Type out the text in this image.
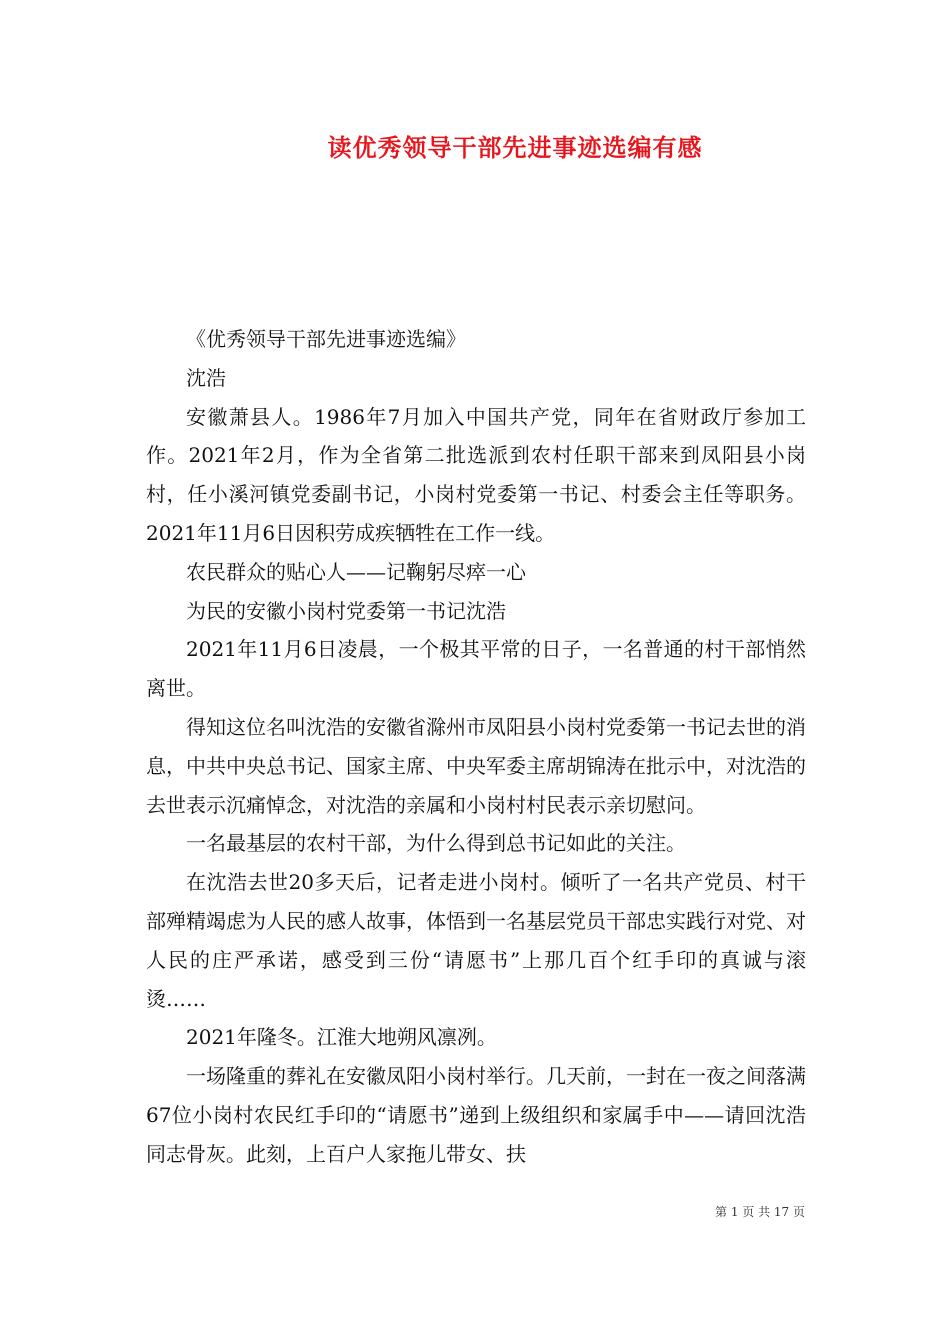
读优秀领导干部先进事迹选编有感

《优秀领导干部先进事迹选编》

沈浩

安徽萧县人。1986年7月加入中国共产党，同年在省财政厅参加工作。2021年2月，作为全省第二批选派到农村任职干部来到凤阳县小岗村，任小溪河镇党委副书记，小岗村党委第一书记、村委会主任等职务。2021年11月6日因积劳成疾牺牲在工作一线。

农民群众的贴心人——记鞠躬尽瘁一心

为民的安徽小岗村党委第一书记沈浩

2021年11月6日凌晨，一个极其平常的日子，一名普通的村干部悄然离世。

得知这位名叫沈浩的安徽省滁州市凤阳县小岗村党委第一书记去世的消息，中共中央总书记、国家主席、中央军委主席胡锦涛在批示中，对沈浩的去世表示沉痛悼念，对沈浩的亲属和小岗村村民表示亲切慰问。

一名最基层的农村干部，为什么得到总书记如此的关注。

在沈浩去世20多天后，记者走进小岗村。倾听了一名共产党员、村干部殚精竭虑为人民的感人故事，体悟到一名基层党员干部忠实践行对党、对人民的庄严承诺，感受到三份“请愿书”上那几百个红手印的真诚与滚烫……

2021年隆冬。江淮大地朔风凛冽。

一场隆重的葬礼在安徽凤阳小岗村举行。几天前，一封在一夜之间落满67位小岗村农民红手印的“请愿书”递到上级组织和家属手中——请回沈浩同志骨灰。此刻，上百户人家拖儿带女、扶

第 1 页 共 17 页
